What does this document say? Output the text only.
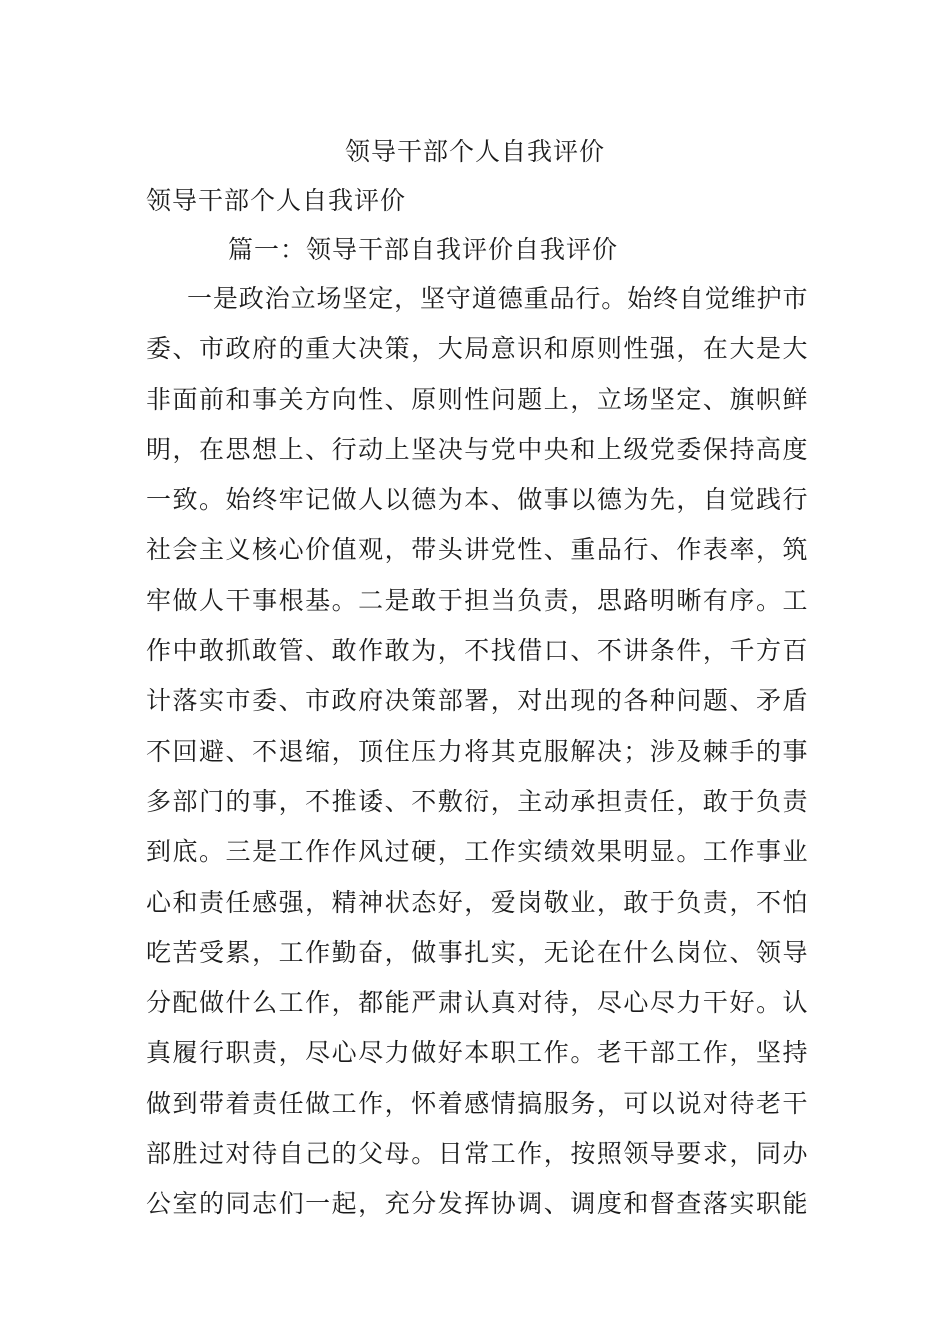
领导干部个人自我评价
领导干部个人自我评价
篇一：领导干部自我评价自我评价
一是政治立场坚定，坚守道德重品行。始终自觉维护市
委、市政府的重大决策，大局意识和原则性强，在大是大
非面前和事关方向性、原则性问题上，立场坚定、旗帜鲜
明，在思想上、行动上坚决与党中央和上级党委保持高度
一致。始终牢记做人以德为本、做事以德为先，自觉践行
社会主义核心价值观，带头讲党性、重品行、作表率，筑
牢做人干事根基。二是敢于担当负责，思路明晰有序。工
作中敢抓敢管、敢作敢为，不找借口、不讲条件，千方百
计落实市委、市政府决策部署，对出现的各种问题、矛盾
不回避、不退缩，顶住压力将其克服解决；涉及棘手的事
多部门的事，不推诿、不敷衍，主动承担责任，敢于负责
到底。三是工作作风过硬，工作实绩效果明显。工作事业
心和责任感强，精神状态好，爱岗敬业，敢于负责，不怕
吃苦受累，工作勤奋，做事扎实，无论在什么岗位、领导
分配做什么工作，都能严肃认真对待，尽心尽力干好。认
真履行职责，尽心尽力做好本职工作。老干部工作，坚持
做到带着责任做工作，怀着感情搞服务，可以说对待老干
部胜过对待自己的父母。日常工作，按照领导要求，同办
公室的同志们一起，充分发挥协调、调度和督查落实职能
